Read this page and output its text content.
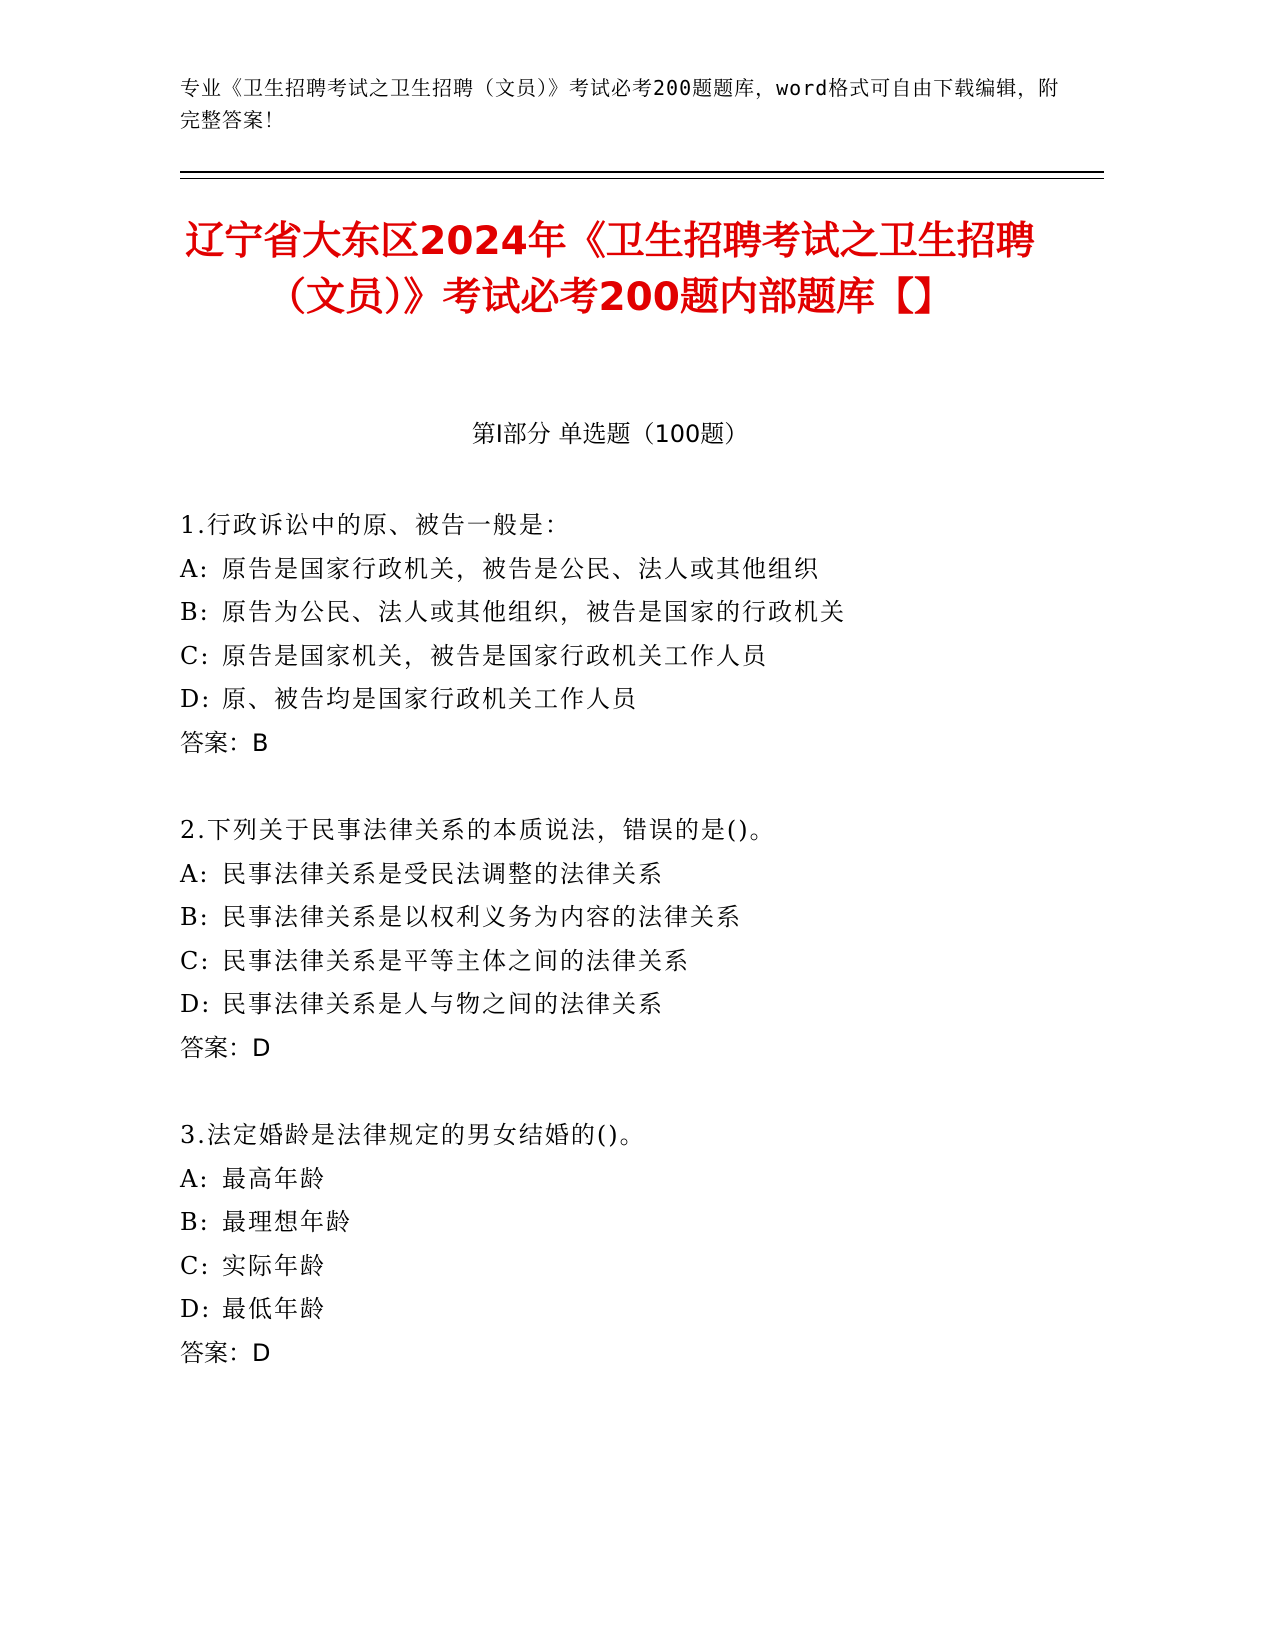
专业《卫生招聘考试之卫生招聘（文员）》考试必考200题题库，word格式可自由下载编辑，附完整答案！
辽宁省大东区2024年《卫生招聘考试之卫生招聘（文员）》考试必考200题内部题库【】
第I部分 单选题（100题）
1.行政诉讼中的原、被告一般是：
A: 原告是国家行政机关，被告是公民、法人或其他组织
B: 原告为公民、法人或其他组织，被告是国家的行政机关
C: 原告是国家机关，被告是国家行政机关工作人员
D: 原、被告均是国家行政机关工作人员
答案：B
2.下列关于民事法律关系的本质说法，错误的是()。
A: 民事法律关系是受民法调整的法律关系
B: 民事法律关系是以权利义务为内容的法律关系
C: 民事法律关系是平等主体之间的法律关系
D: 民事法律关系是人与物之间的法律关系
答案：D
3.法定婚龄是法律规定的男女结婚的()。
A: 最高年龄
B: 最理想年龄
C: 实际年龄
D: 最低年龄
答案：D
